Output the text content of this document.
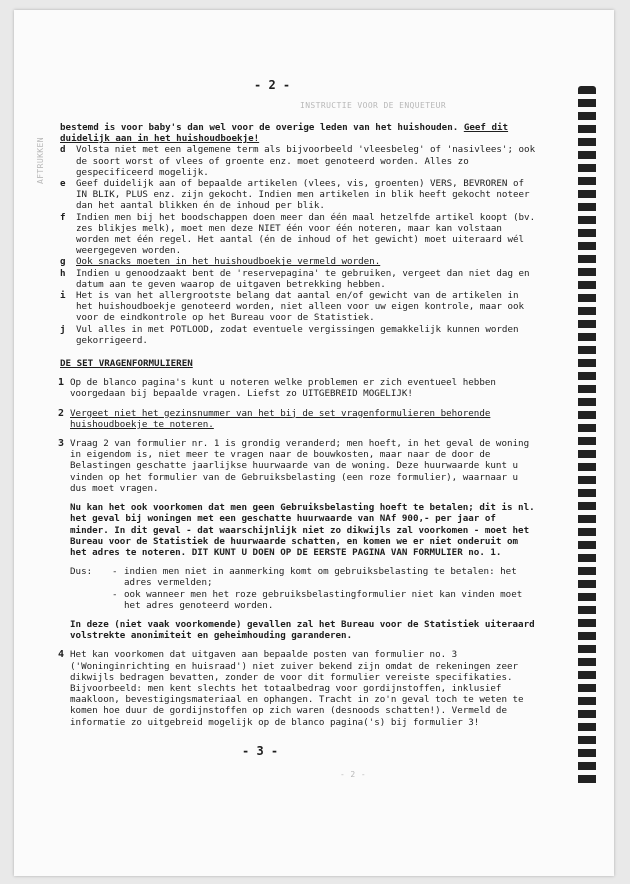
INSTRUCTIE VOOR DE ENQUETEUR
AFTRUKKEN
- 2 -
- 2 -

bestemd is voor baby's dan wel voor de overige leden van het huishouden. Geef dit duidelijk aan in het huishoudboekje!

d Volsta niet met een algemene term als bijvoorbeeld 'vleesbeleg' of 'nasivlees'; ook de soort worst of vlees of groente enz. moet genoteerd worden. Alles zo gespecificeerd mogelijk.

e Geef duidelijk aan of bepaalde artikelen (vlees, vis, groenten) VERS, BEVROREN of IN BLIK, PLUS enz. zijn gekocht. Indien men artikelen in blik heeft gekocht noteer dan het aantal blikken én de inhoud per blik.

f Indien men bij het boodschappen doen meer dan één maal hetzelfde artikel koopt (bv. zes blikjes melk), moet men deze NIET één voor één noteren, maar kan volstaan worden met één regel. Het aantal (én de inhoud of het gewicht) moet uiteraard wél weergegeven worden.

g Ook snacks moeten in het huishoudboekje vermeld worden.

h Indien u genoodzaakt bent de 'reservepagina' te gebruiken, vergeet dan niet dag en datum aan te geven waarop de uitgaven betrekking hebben.

i Het is van het allergrootste belang dat aantal en/of gewicht van de artikelen in het huishoudboekje genoteerd worden, niet alleen voor uw eigen kontrole, maar ook voor de eindkontrole op het Bureau voor de Statistiek.

j Vul alles in met POTLOOD, zodat eventuele vergissingen gemakkelijk kunnen worden gekorrigeerd.

DE SET VRAGENFORMULIEREN

1 Op de blanco pagina's kunt u noteren welke problemen er zich eventueel hebben voorgedaan bij bepaalde vragen. Liefst zo UITGEBREID MOGELIJK!

2 Vergeet niet het gezinsnummer van het bij de set vragenformulieren behorende huishoudboekje te noteren.

3 Vraag 2 van formulier nr. 1 is grondig veranderd; men hoeft, in het geval de woning in eigendom is, niet meer te vragen naar de bouwkosten, maar naar de door de Belastingen geschatte jaarlijkse huurwaarde van de woning. Deze huurwaarde kunt u vinden op het formulier van de Gebruiksbelasting (een roze formulier), waarnaar u dus moet vragen.

Nu kan het ook voorkomen dat men geen Gebruiksbelasting hoeft te betalen; dit is nl. het geval bij woningen met een geschatte huurwaarde van NAf 900,- per jaar of minder. In dit geval - dat waarschijnlijk niet zo dikwijls zal voorkomen - moet het Bureau voor de Statistiek de huurwaarde schatten, en komen we er niet onderuit om het adres te noteren. DIT KUNT U DOEN OP DE EERSTE PAGINA VAN FORMULIER no. 1.

Dus: - indien men niet in aanmerking komt om gebruiksbelasting te betalen: het adres vermelden;
- ook wanneer men het roze gebruiksbelastingformulier niet kan vinden moet het adres genoteerd worden.

In deze (niet vaak voorkomende) gevallen zal het Bureau voor de Statistiek uiteraard volstrekte anonimiteit en geheimhouding garanderen.

4 Het kan voorkomen dat uitgaven aan bepaalde posten van formulier no. 3 ('Woninginrichting en huisraad') niet zuiver bekend zijn omdat de rekeningen zeer dikwijls bedragen bevatten, zonder de voor dit formulier vereiste specifikaties. Bijvoorbeeld: men kent slechts het totaalbedrag voor gordijnstoffen, inklusief maakloon, bevestigingsmateriaal en ophangen. Tracht in zo'n geval toch te weten te komen hoe duur de gordijnstoffen op zich waren (desnoods schatten!). Vermeld de informatie zo uitgebreid mogelijk op de blanco pagina('s) bij formulier 3!

- 3 -
